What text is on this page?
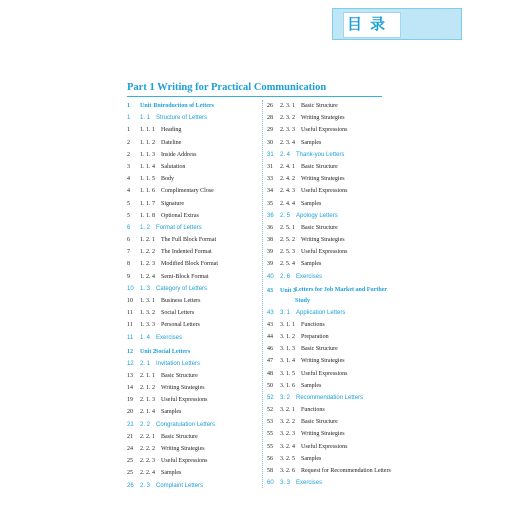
目录
Part 1 Writing for Practical Communication
1	Unit 1 Introduction of Letters
1	1. 1 Structure of Letters
1	1. 1. 1 Heading
2	1. 1. 2 Dateline
2	1. 1. 3 Inside Address
3	1. 1. 4 Salutation
4	1. 1. 5 Body
4	1. 1. 6 Complimentary Close
5	1. 1. 7 Signature
5	1. 1. 8 Optional Extras
6	1. 2 Format of Letters
6	1. 2. 1 The Full Block Format
7	1. 2. 2 The Indented Format
8	1. 2. 3 Modified Block Format
9	1. 2. 4 Semi-Block Format
10	1. 3 Category of Letters
10	1. 3. 1 Business Letters
11	1. 3. 2 Social Letters
11	1. 3. 3 Personal Letters
11	1. 4 Exercises
12	Unit 2 Social Letters
12	2. 1 Invitation Letters
13	2. 1. 1 Basic Structure
14	2. 1. 2 Writing Strategies
19	2. 1. 3 Useful Expressions
20	2. 1. 4 Samples
21	2. 2 Congratulation Letters
21	2. 2. 1 Basic Structure
24	2. 2. 2 Writing Strategies
25	2. 2. 3 Useful Expressions
25	2. 2. 4 Samples
26	2. 3 Complaint Letters
26	2. 3. 1 Basic Structure
28	2. 3. 2 Writing Strategies
29	2. 3. 3 Useful Expressions
30	2. 3. 4 Samples
31	2. 4 Thank-you Letters
31	2. 4. 1 Basic Structure
33	2. 4. 2 Writing Strategies
34	2. 4. 3 Useful Expressions
35	2. 4. 4 Samples
36	2. 5 Apology Letters
36	2. 5. 1 Basic Structure
38	2. 5. 2 Writing Strategies
39	2. 5. 3 Useful Expressions
39	2. 5. 4 Samples
40	2. 6 Exercises
43	Unit 3 Letters for Job Market and Further Study
43	3. 1 Application Letters
43	3. 1. 1 Functions
44	3. 1. 2 Preparation
46	3. 1. 3 Basic Structure
47	3. 1. 4 Writing Strategies
48	3. 1. 5 Useful Expressions
50	3. 1. 6 Samples
52	3. 2 Recommendation Letters
52	3. 2. 1 Functions
53	3. 2. 2 Basic Structure
55	3. 2. 3 Writing Strategies
55	3. 2. 4 Useful Expressions
56	3. 2. 5 Samples
58	3. 2. 6 Request for Recommendation Letters
60	3. 3 Exercises
